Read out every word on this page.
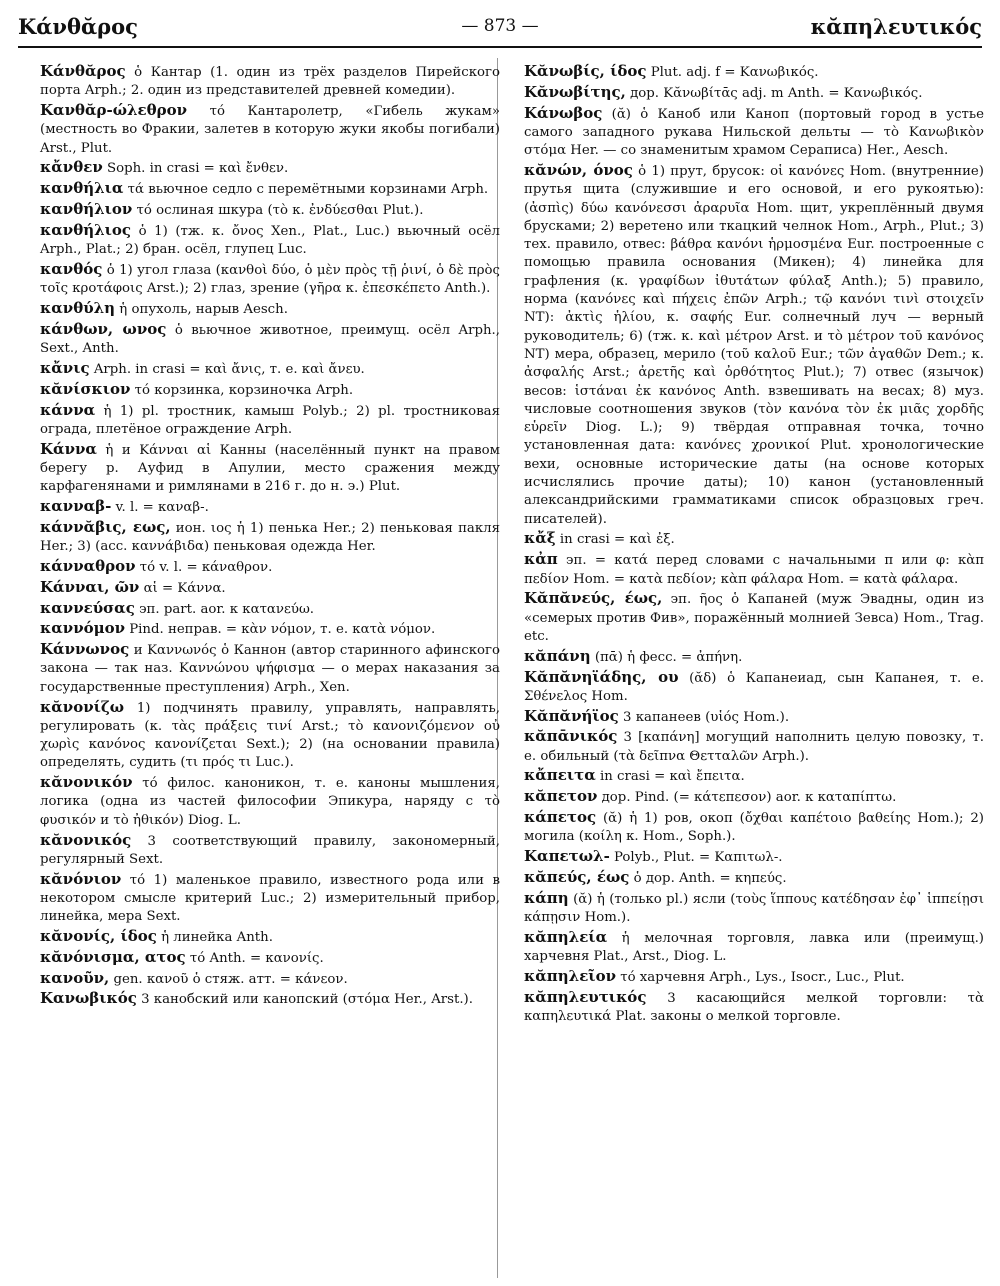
Κάνθᾰρος	— 873 —	κᾰπηλευτικός

Κάνθᾰρος ὁ Кантар (1. один из трёх разделов Пирейского порта Arph.; 2. один из представителей древней комедии).

Κανθᾰρ-ώλεθρον τό Кантаролетр, «Гибель жукам» (местность во Фракии, залетев в которую жуки якобы погибали) Arst., Plut.

κἄνθεν Soph. in crasi = καὶ ἔνθεν.

κανθήλια τά вьючное седло с перемётными корзинами Arph.

κανθήλιον τό ослиная шкура (τὸ κ. ἐνδύεσθαι Plut.).

κανθήλιος ὁ 1) (тж. κ. ὄνος Xen., Plat., Luc.) вьючный осёл Arph., Plat.; 2) бран. осёл, глупец Luc.

κανθός ὁ 1) угол глаза (κανθοὶ δύο, ὁ μὲν πρὸς τῇ ῥινί, ὁ δὲ πρὸς τοῖς κροτάφοις Arst.); 2) глаз, зрение (γῆρα κ. ἐπεσκέπετο Anth.).

κανθύλη ἡ опухоль, нарыв Aesch.

κάνθων, ωνος ὁ вьючное животное, преимущ. осёл Arph., Sext., Anth.

κἄνις Arph. in crasi = καὶ ἄνις, т. е. καὶ ἄνευ.

κᾰνίσκιον τό корзинка, корзиночка Arph.

κάννα ἡ 1) pl. тростник, камыш Polyb.; 2) pl. тростниковая ограда, плетёное ограждение Arph.

Κάννα ἡ и Κάνναι αἱ Канны (населённый пункт на правом берегу р. Ауфид в Апулии, место сражения между карфагенянами и римлянами в 216 г. до н. э.) Plut.

κανναβ- v. l. = καναβ-.

κάννᾰβις, εως, ион. ιος ἡ 1) пенька Her.; 2) пеньковая пакля Her.; 3) (acc. καννάβιδα) пеньковая одежда Her.

κάνναθρον τό v. l. = κάναθρον.

Κάνναι, ῶν αἱ = Κάννα.

καννεύσας эп. part. aor. к κατανεύω.

καννόμον Pind. неправ. = κὰν νόμον, т. е. κατὰ νόμον.

Κάννωνος и Καννωνός ὁ Каннон (автор старинного афинского закона — так наз. Καννώνου ψήφισμα — о мерах наказания за государственные преступления) Arph., Xen.

κᾰνονίζω 1) подчинять правилу, управлять, направлять, регулировать (κ. τὰς πράξεις τινί Arst.; τὸ κανονιζόμενον οὐ χωρὶς κανόνος κανονίζεται Sext.); 2) (на основании правила) определять, судить (τι πρός τι Luc.).

κᾰνονικόν τό филос. каноникон, т. е. каноны мышления, логика (одна из частей философии Эпикура, наряду с τὸ φυσικόν и τὸ ἠθικόν) Diog. L.

κᾰνονικός 3 соответствующий правилу, закономерный, регулярный Sext.

κᾰνόνιον τό 1) маленькое правило, известного рода или в некотором смысле критерий Luc.; 2) измерительный прибор, линейка, мера Sext.

κᾰνονίς, ίδος ἡ линейка Anth.

κᾰνόνισμα, ατος τό Anth. = κανονίς.

κανοῦν, gen. κανοῦ ὁ стяж. атт. = κάνεον.

Κανωβικός 3 канобский или канопский (στόμα Her., Arst.).

Κᾰνωβίς, ίδος Plut. adj. f = Κανωβικός.

Κᾰνωβίτης, дор. Κᾰνωβίτᾱς adj. m Anth. = Κανωβικός.

Κάνωβος (ᾰ) ὁ Каноб или Каноп (портовый город в устье самого западного рукава Нильской дельты — τὸ Κανωβικὸν στόμα Her. — со знаменитым храмом Сераписа) Her., Aesch.

κᾰνών, όνος ὁ 1) прут, брусок: οἱ κανόνες Hom. (внутренние) прутья щита (служившие и его основой, и его рукоятью): (ἀσπὶς) δύω κανόνεσσι ἀραρυῖα Hom. щит, укреплённый двумя брусками; 2) веретено или ткацкий челнок Hom., Arph., Plut.; 3) тех. правило, отвес: βάθρα κανόνι ἡρμοσμένα Eur. построенные с помощью правила основания (Микен); 4) линейка для графления (κ. γραφίδων ἰθυτάτων φύλαξ Anth.); 5) правило, норма (κανόνες καὶ πήχεις ἐπῶν Arph.; τῷ κανόνι τινὶ στοιχεῖν NT): ἀκτὶς ἡλίου, κ. σαφής Eur. солнечный луч — верный руководитель; 6) (тж. κ. καὶ μέτρον Arst. и τὸ μέτρον τοῦ κανόνος NT) мера, образец, мерило (τοῦ καλοῦ Eur.; τῶν ἀγαθῶν Dem.; κ. ἀσφαλής Arst.; ἀρετῆς καὶ ὀρθότητος Plut.); 7) отвес (язычок) весов: ἱστάναι ἐκ κανόνος Anth. взвешивать на весах; 8) муз. числовые соотношения звуков (τὸν κανόνα τὸν ἐκ μιᾶς χορδῆς εὑρεῖν Diog. L.); 9) твёрдая отправная точка, точно установленная дата: κανόνες χρονικοί Plut. хронологические вехи, основные исторические даты (на основе которых исчислялись прочие даты); 10) канон (установленный александрийскими грамматиками список образцовых греч. писателей).

κἄξ in crasi = καὶ ἐξ.

κἀπ эп. = κατά перед словами с начальными π или φ: κὰπ πεδίον Hom. = κατὰ πεδίον; κὰπ φάλαρα Hom. = κατὰ φάλαρα.

Κᾰπᾰνεύς, έως, эп. ῆος ὁ Капаней (муж Эвадны, один из «семерых против Фив», поражённый молнией Зевса) Hom., Trag. etc.

κᾰπάνη (πᾱ) ἡ фесс. = ἀπήνη.

Κᾰπᾰνηϊάδης, ου (ᾰδ) ὁ Капанеиад, сын Капанея, т. е. Σθένελος Hom.

Κᾰπᾰνήϊος 3 капанеев (υἱός Hom.).

κᾰπᾱνικός 3 [καπάνη] могущий наполнить целую повозку, т. е. обильный (τὰ δεῖπνα Θετταλῶν Arph.).

κἄπειτα in crasi = καὶ ἔπειτα.

κᾰπετον дор. Pind. (= κάτεπεσον) aor. к καταπίπτω.

κάπετος (ᾰ) ἡ 1) ров, окоп (ὄχθαι καπέτοιο βαθείης Hom.); 2) могила (κοίλη κ. Hom., Soph.).

Καπετωλ- Polyb., Plut. = Καπιτωλ-.

κᾰπεύς, έως ὁ дор. Anth. = κηπεύς.

κάπη (ᾰ) ἡ (только pl.) ясли (τοὺς ἵππους κατέδησαν ἐφ᾽ ἱππείῃσι κάπῃσιν Hom.).

κᾰπηλεία ἡ мелочная торговля, лавка или (преимущ.) харчевня Plat., Arst., Diog. L.

κᾰπηλεῖον τό харчевня Arph., Lys., Isocr., Luc., Plut.

κᾰπηλευτικός 3 касающийся мелкой торговли: τὰ καπηλευτικά Plat. законы о мелкой торговле.
